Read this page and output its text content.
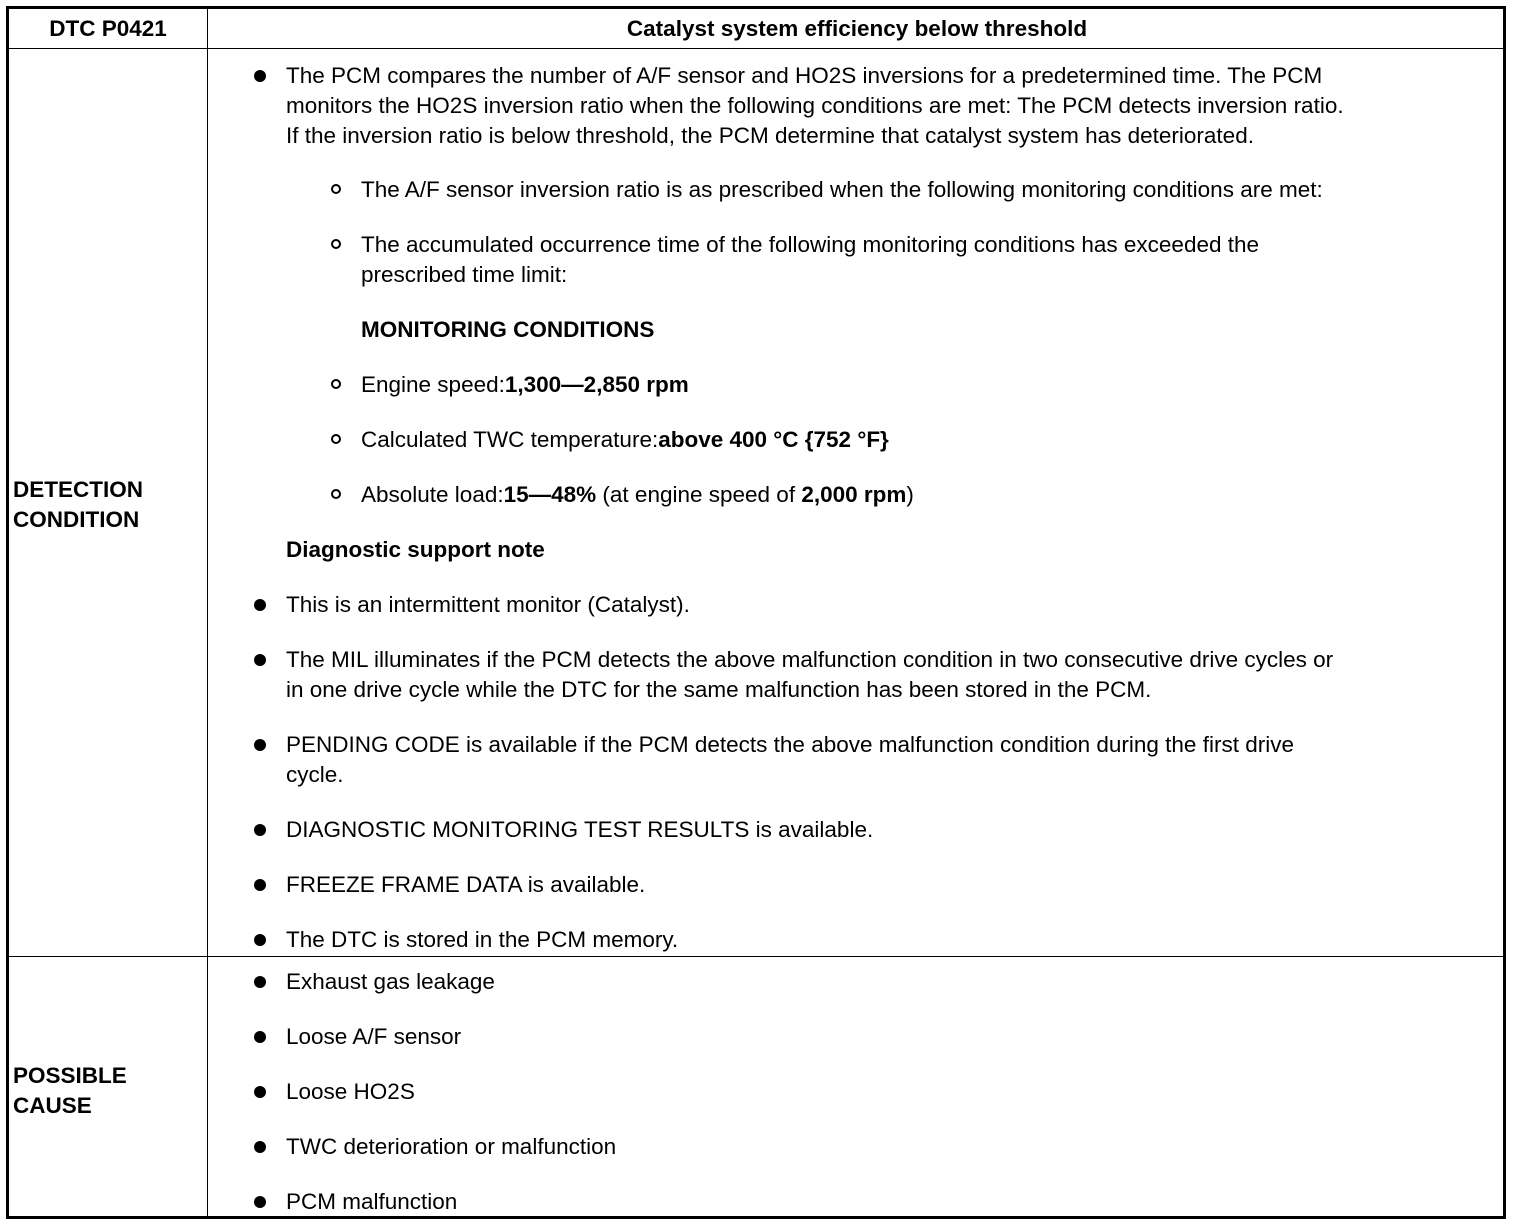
DTC P0421	Catalyst system efficiency below threshold
DETECTION
CONDITION
The PCM compares the number of A/F sensor and HO2S inversions for a predetermined time. The PCM
monitors the HO2S inversion ratio when the following conditions are met: The PCM detects inversion ratio.
If the inversion ratio is below threshold, the PCM determine that catalyst system has deteriorated.
The A/F sensor inversion ratio is as prescribed when the following monitoring conditions are met:
The accumulated occurrence time of the following monitoring conditions has exceeded the
prescribed time limit:
MONITORING CONDITIONS
Engine speed:1,300—2,850 rpm
Calculated TWC temperature:above 400 °C {752 °F}
Absolute load:15—48% (at engine speed of 2,000 rpm)
Diagnostic support note
This is an intermittent monitor (Catalyst).
The MIL illuminates if the PCM detects the above malfunction condition in two consecutive drive cycles or
in one drive cycle while the DTC for the same malfunction has been stored in the PCM.
PENDING CODE is available if the PCM detects the above malfunction condition during the first drive
cycle.
DIAGNOSTIC MONITORING TEST RESULTS is available.
FREEZE FRAME DATA is available.
The DTC is stored in the PCM memory.
POSSIBLE
CAUSE
Exhaust gas leakage
Loose A/F sensor
Loose HO2S
TWC deterioration or malfunction
PCM malfunction
